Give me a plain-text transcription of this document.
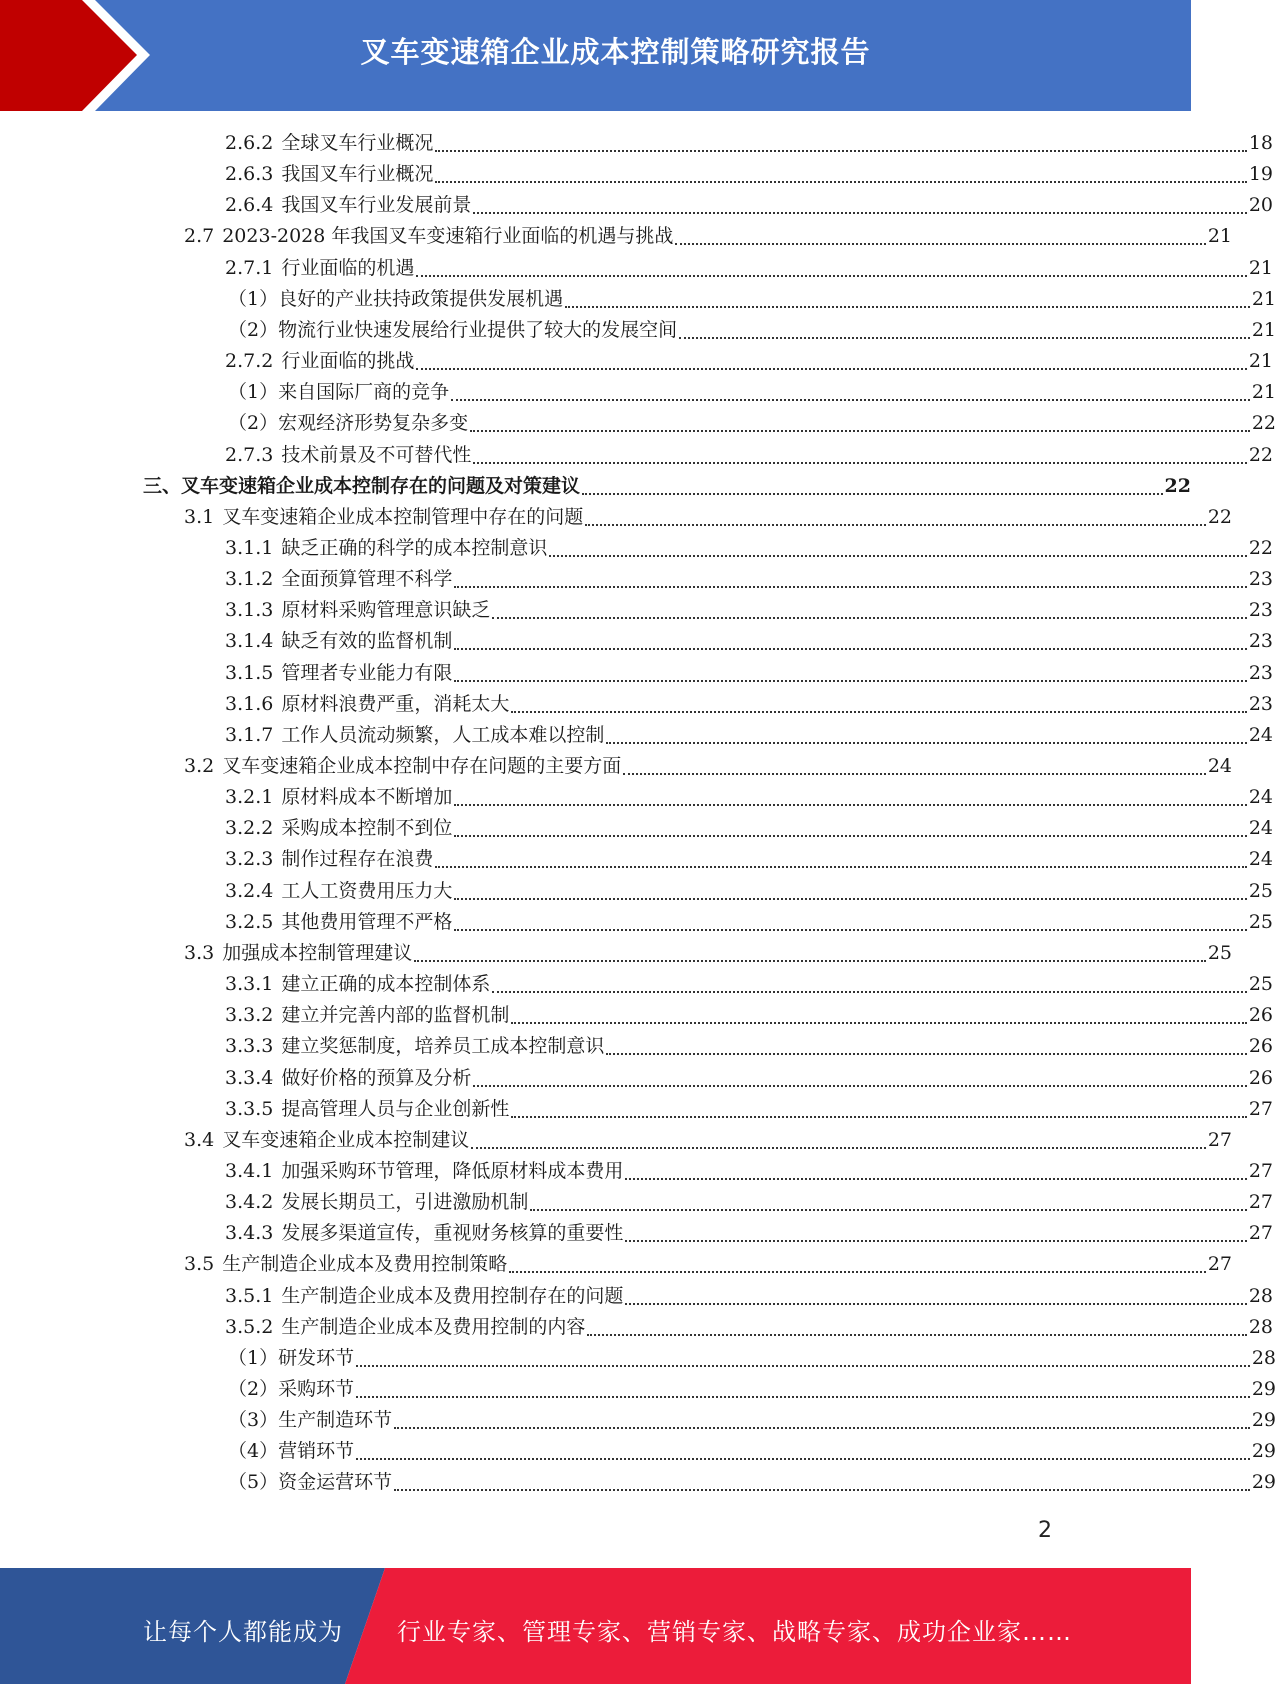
叉车变速箱企业成本控制策略研究报告
2.6.2 全球叉车行业概况	18
2.6.3 我国叉车行业概况	19
2.6.4 我国叉车行业发展前景	20
2.7 2023-2028 年我国叉车变速箱行业面临的机遇与挑战	21
2.7.1 行业面临的机遇	21
（1）良好的产业扶持政策提供发展机遇	21
（2）物流行业快速发展给行业提供了较大的发展空间	21
2.7.2 行业面临的挑战	21
（1）来自国际厂商的竞争	21
（2）宏观经济形势复杂多变	22
2.7.3 技术前景及不可替代性	22
三、叉车变速箱企业成本控制存在的问题及对策建议	22
3.1 叉车变速箱企业成本控制管理中存在的问题	22
3.1.1 缺乏正确的科学的成本控制意识	22
3.1.2 全面预算管理不科学	23
3.1.3 原材料采购管理意识缺乏	23
3.1.4 缺乏有效的监督机制	23
3.1.5 管理者专业能力有限	23
3.1.6 原材料浪费严重，消耗太大	23
3.1.7 工作人员流动频繁，人工成本难以控制	24
3.2 叉车变速箱企业成本控制中存在问题的主要方面	24
3.2.1 原材料成本不断增加	24
3.2.2 采购成本控制不到位	24
3.2.3 制作过程存在浪费	24
3.2.4 工人工资费用压力大	25
3.2.5 其他费用管理不严格	25
3.3 加强成本控制管理建议	25
3.3.1 建立正确的成本控制体系	25
3.3.2 建立并完善内部的监督机制	26
3.3.3 建立奖惩制度，培养员工成本控制意识	26
3.3.4 做好价格的预算及分析	26
3.3.5 提高管理人员与企业创新性	27
3.4 叉车变速箱企业成本控制建议	27
3.4.1 加强采购环节管理，降低原材料成本费用	27
3.4.2 发展长期员工，引进激励机制	27
3.4.3 发展多渠道宣传，重视财务核算的重要性	27
3.5 生产制造企业成本及费用控制策略	27
3.5.1 生产制造企业成本及费用控制存在的问题	28
3.5.2 生产制造企业成本及费用控制的内容	28
（1）研发环节	28
（2）采购环节	29
（3）生产制造环节	29
（4）营销环节	29
（5）资金运营环节	29
2
让每个人都能成为 行业专家、管理专家、营销专家、战略专家、成功企业家……
